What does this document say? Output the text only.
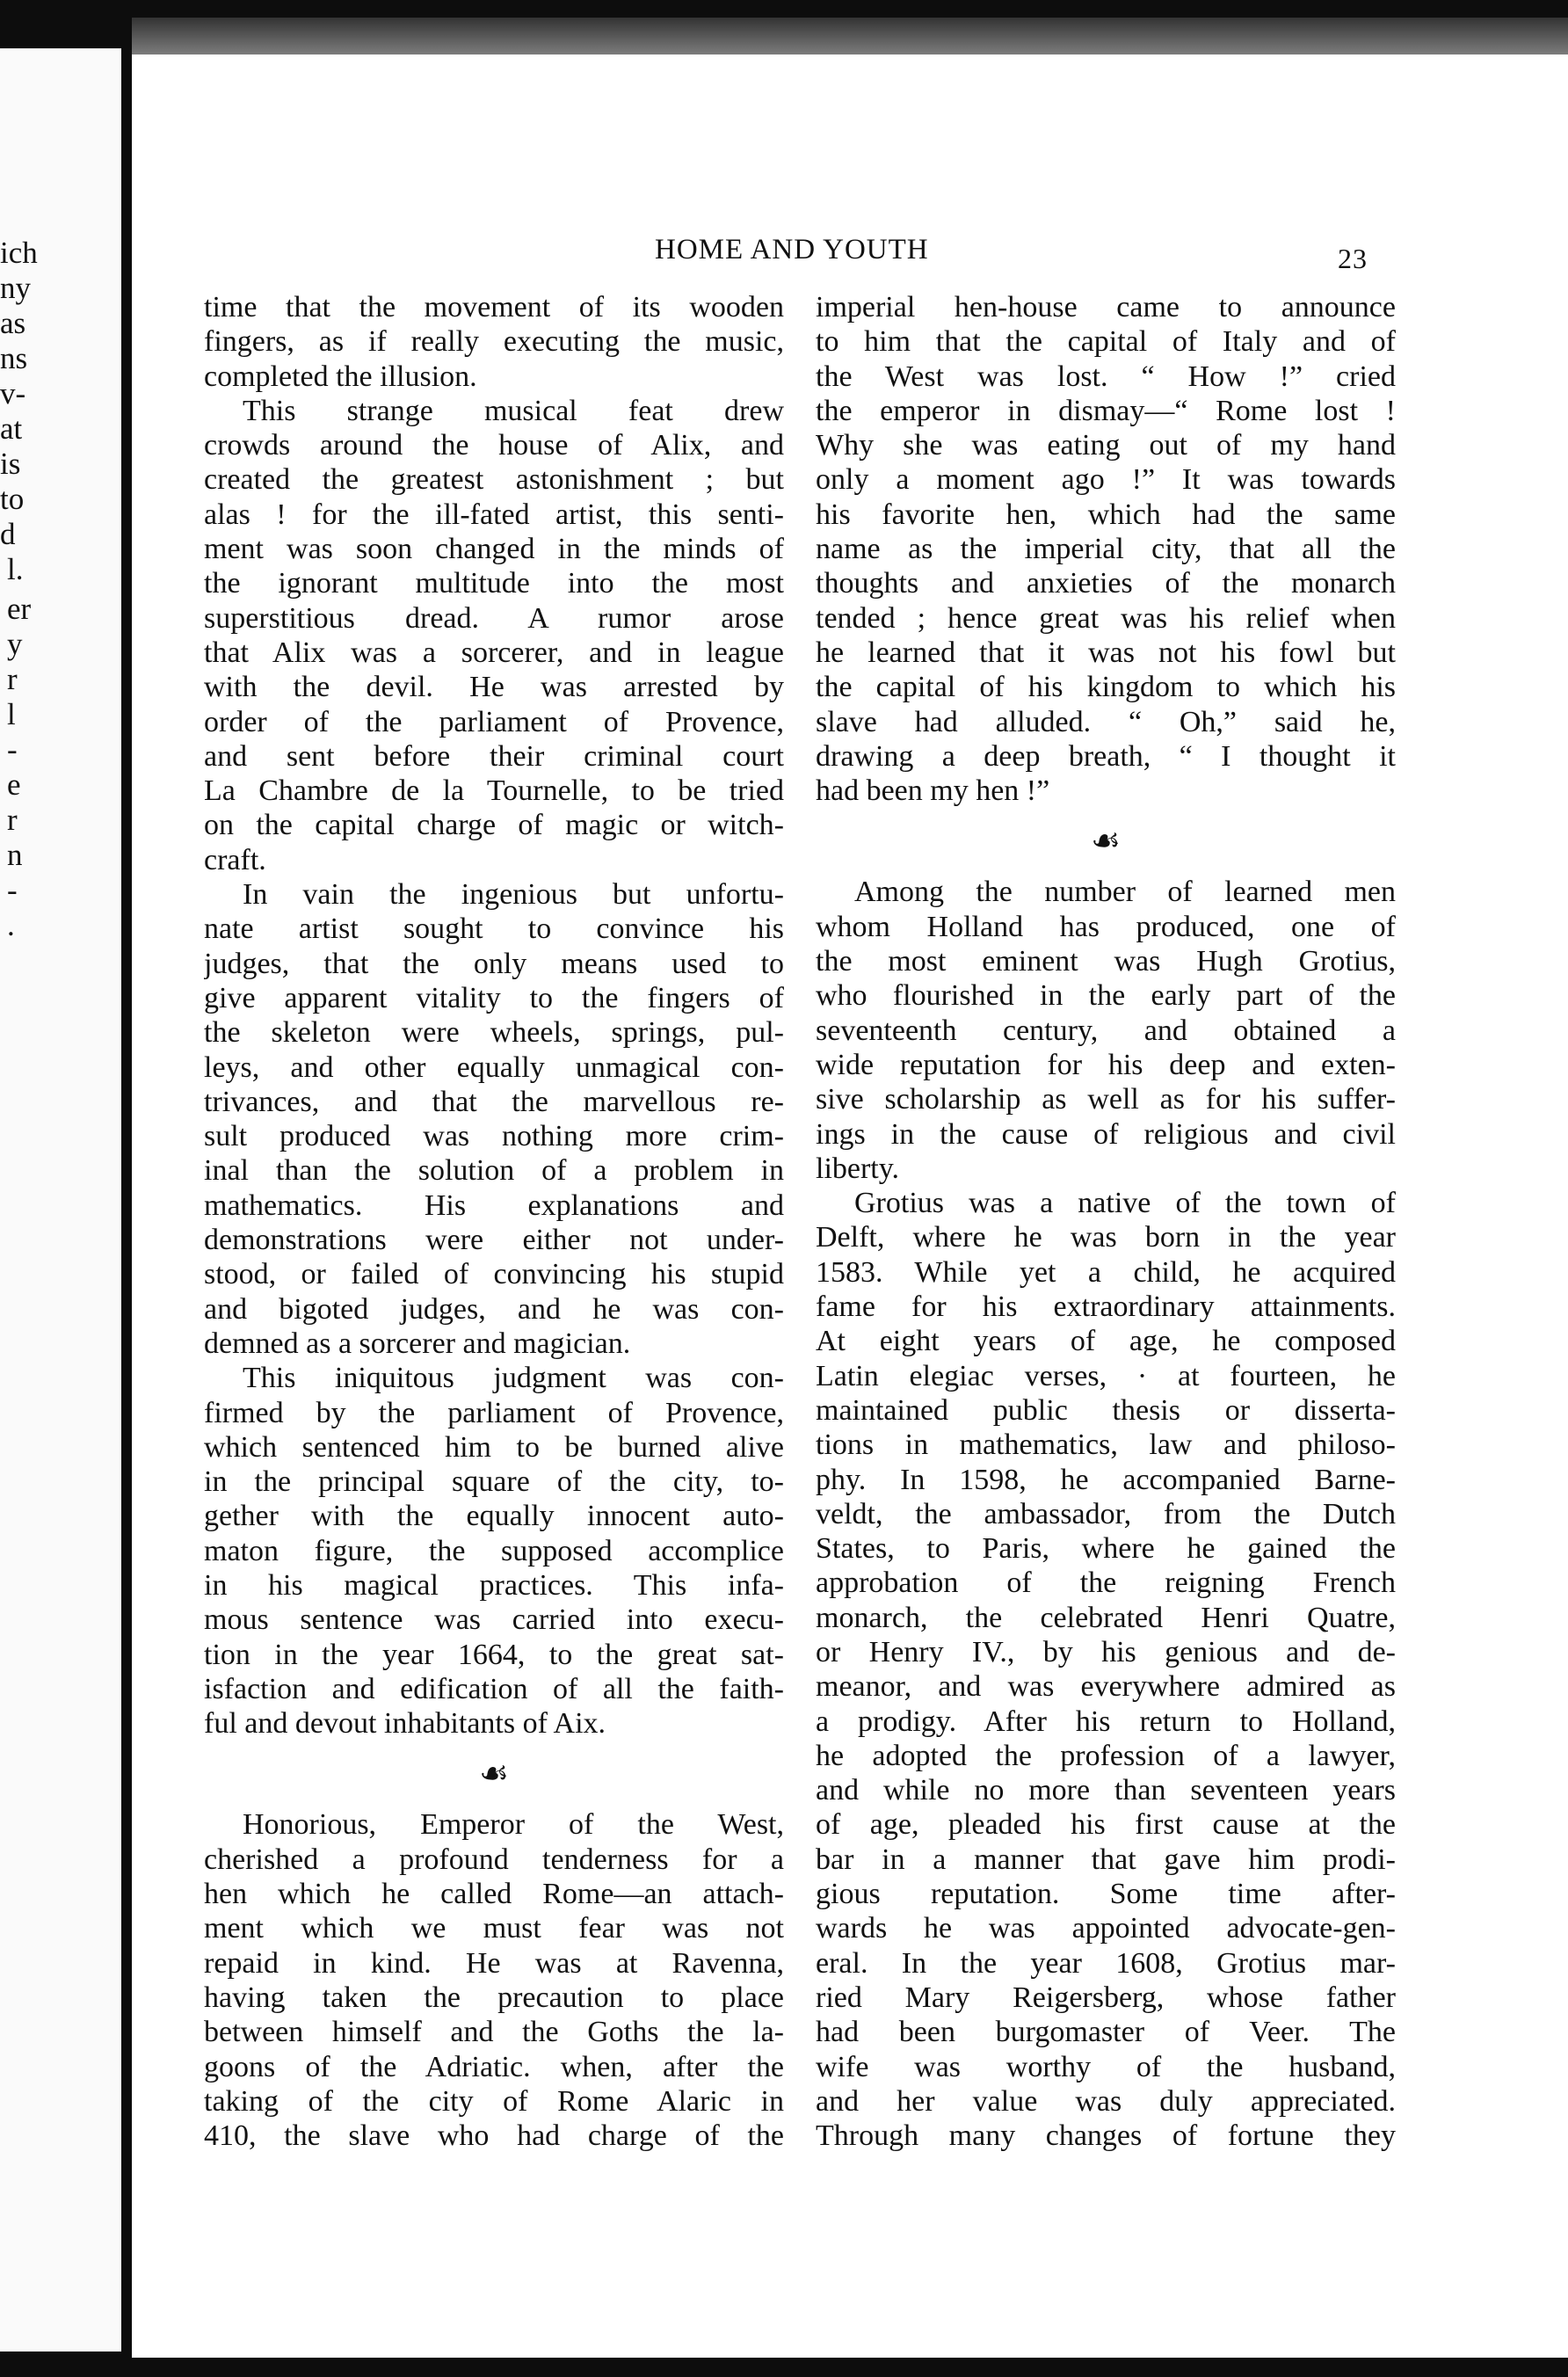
ich
ny
as
ns
v-
at
is
to
d
l.
er
y
r
l
-
e
r
n
-
.
HOME AND YOUTH	23
time that the movement of its wooden
fingers, as if really executing the music,
completed the illusion.
This strange musical feat drew
crowds around the house of Alix, and
created the greatest astonishment ; but
alas ! for the ill-fated artist, this senti-
ment was soon changed in the minds of
the ignorant multitude into the most
superstitious dread. A rumor arose
that Alix was a sorcerer, and in league
with the devil. He was arrested by
order of the parliament of Provence,
and sent before their criminal court
La Chambre de la Tournelle, to be tried
on the capital charge of magic or witch-
craft.
In vain the ingenious but unfortu-
nate artist sought to convince his
judges, that the only means used to
give apparent vitality to the fingers of
the skeleton were wheels, springs, pul-
leys, and other equally unmagical con-
trivances, and that the marvellous re-
sult produced was nothing more crim-
inal than the solution of a problem in
mathematics. His explanations and
demonstrations were either not under-
stood, or failed of convincing his stupid
and bigoted judges, and he was con-
demned as a sorcerer and magician.
This iniquitous judgment was con-
firmed by the parliament of Provence,
which sentenced him to be burned alive
in the principal square of the city, to-
gether with the equally innocent auto-
maton figure, the supposed accomplice
in his magical practices. This infa-
mous sentence was carried into execu-
tion in the year 1664, to the great sat-
isfaction and edification of all the faith-
ful and devout inhabitants of Aix.
☙
Honorious, Emperor of the West,
cherished a profound tenderness for a
hen which he called Rome—an attach-
ment which we must fear was not
repaid in kind. He was at Ravenna,
having taken the precaution to place
between himself and the Goths the la-
goons of the Adriatic. when, after the
taking of the city of Rome Alaric in
410, the slave who had charge of the
imperial hen-house came to announce
to him that the capital of Italy and of
the West was lost. “ How !” cried
the emperor in dismay—“ Rome lost !
Why she was eating out of my hand
only a moment ago !” It was towards
his favorite hen, which had the same
name as the imperial city, that all the
thoughts and anxieties of the monarch
tended ; hence great was his relief when
he learned that it was not his fowl but
the capital of his kingdom to which his
slave had alluded. “ Oh,” said he,
drawing a deep breath, “ I thought it
had been my hen !”
☙
Among the number of learned men
whom Holland has produced, one of
the most eminent was Hugh Grotius,
who flourished in the early part of the
seventeenth century, and obtained a
wide reputation for his deep and exten-
sive scholarship as well as for his suffer-
ings in the cause of religious and civil
liberty.
Grotius was a native of the town of
Delft, where he was born in the year
1583. While yet a child, he acquired
fame for his extraordinary attainments.
At eight years of age, he composed
Latin elegiac verses, · at fourteen, he
maintained public thesis or disserta-
tions in mathematics, law and philoso-
phy. In 1598, he accompanied Barne-
veldt, the ambassador, from the Dutch
States, to Paris, where he gained the
approbation of the reigning French
monarch, the celebrated Henri Quatre,
or Henry IV., by his genious and de-
meanor, and was everywhere admired as
a prodigy. After his return to Holland,
he adopted the profession of a lawyer,
and while no more than seventeen years
of age, pleaded his first cause at the
bar in a manner that gave him prodi-
gious reputation. Some time after-
wards he was appointed advocate-gen-
eral. In the year 1608, Grotius mar-
ried Mary Reigersberg, whose father
had been burgomaster of Veer. The
wife was worthy of the husband,
and her value was duly appreciated.
Through many changes of fortune they
